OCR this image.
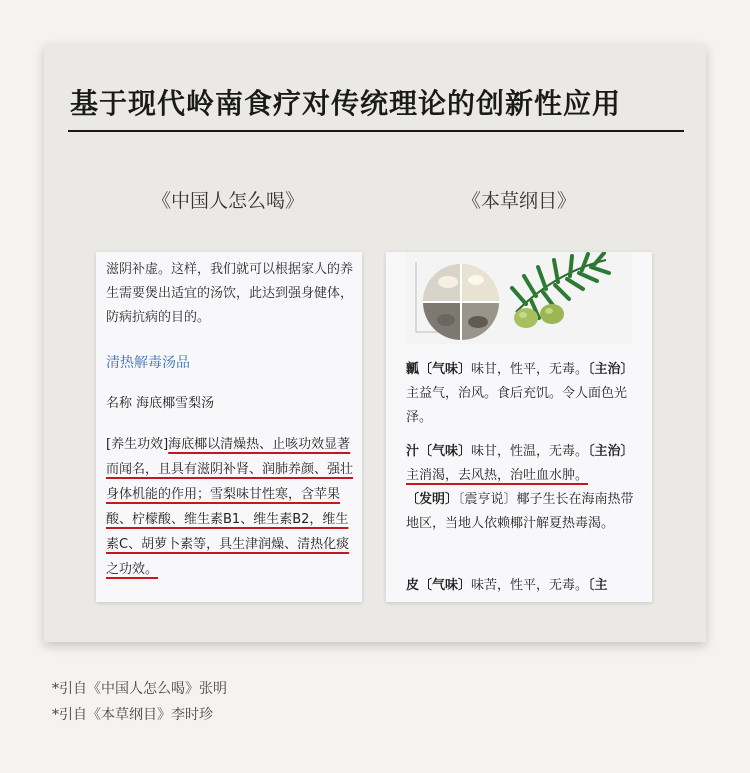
基于现代岭南食疗对传统理论的创新性应用
《中国人怎么喝》	《本草纲目》
滋阴补虚。这样，我们就可以根据家人的养生需要煲出适宜的汤饮，此达到强身健体，防病抗病的目的。
清热解毒汤品
名称 海底椰雪梨汤
[养生功效]海底椰以清燥热、止咳功效显著而闻名，且具有滋阴补肾、润肺养颜、强壮身体机能的作用；雪梨味甘性寒，含苹果酸、柠檬酸、维生素B1、维生素B2，维生素C、胡萝卜素等，具生津润燥、清热化痰之功效。
瓤〔气味〕味甘，性平，无毒。〔主治〕主益气，治风。食后充饥。令人面色光泽。
汁〔气味〕味甘，性温，无毒。〔主治〕主消渴，去风热，治吐血水肿。
〔发明〕〔震亨说〕椰子生长在海南热带地区，当地人依赖椰汁解夏热毒渴。
皮〔气味〕味苦，性平，无毒。〔主
*引自《中国人怎么喝》张明
*引自《本草纲目》李时珍
